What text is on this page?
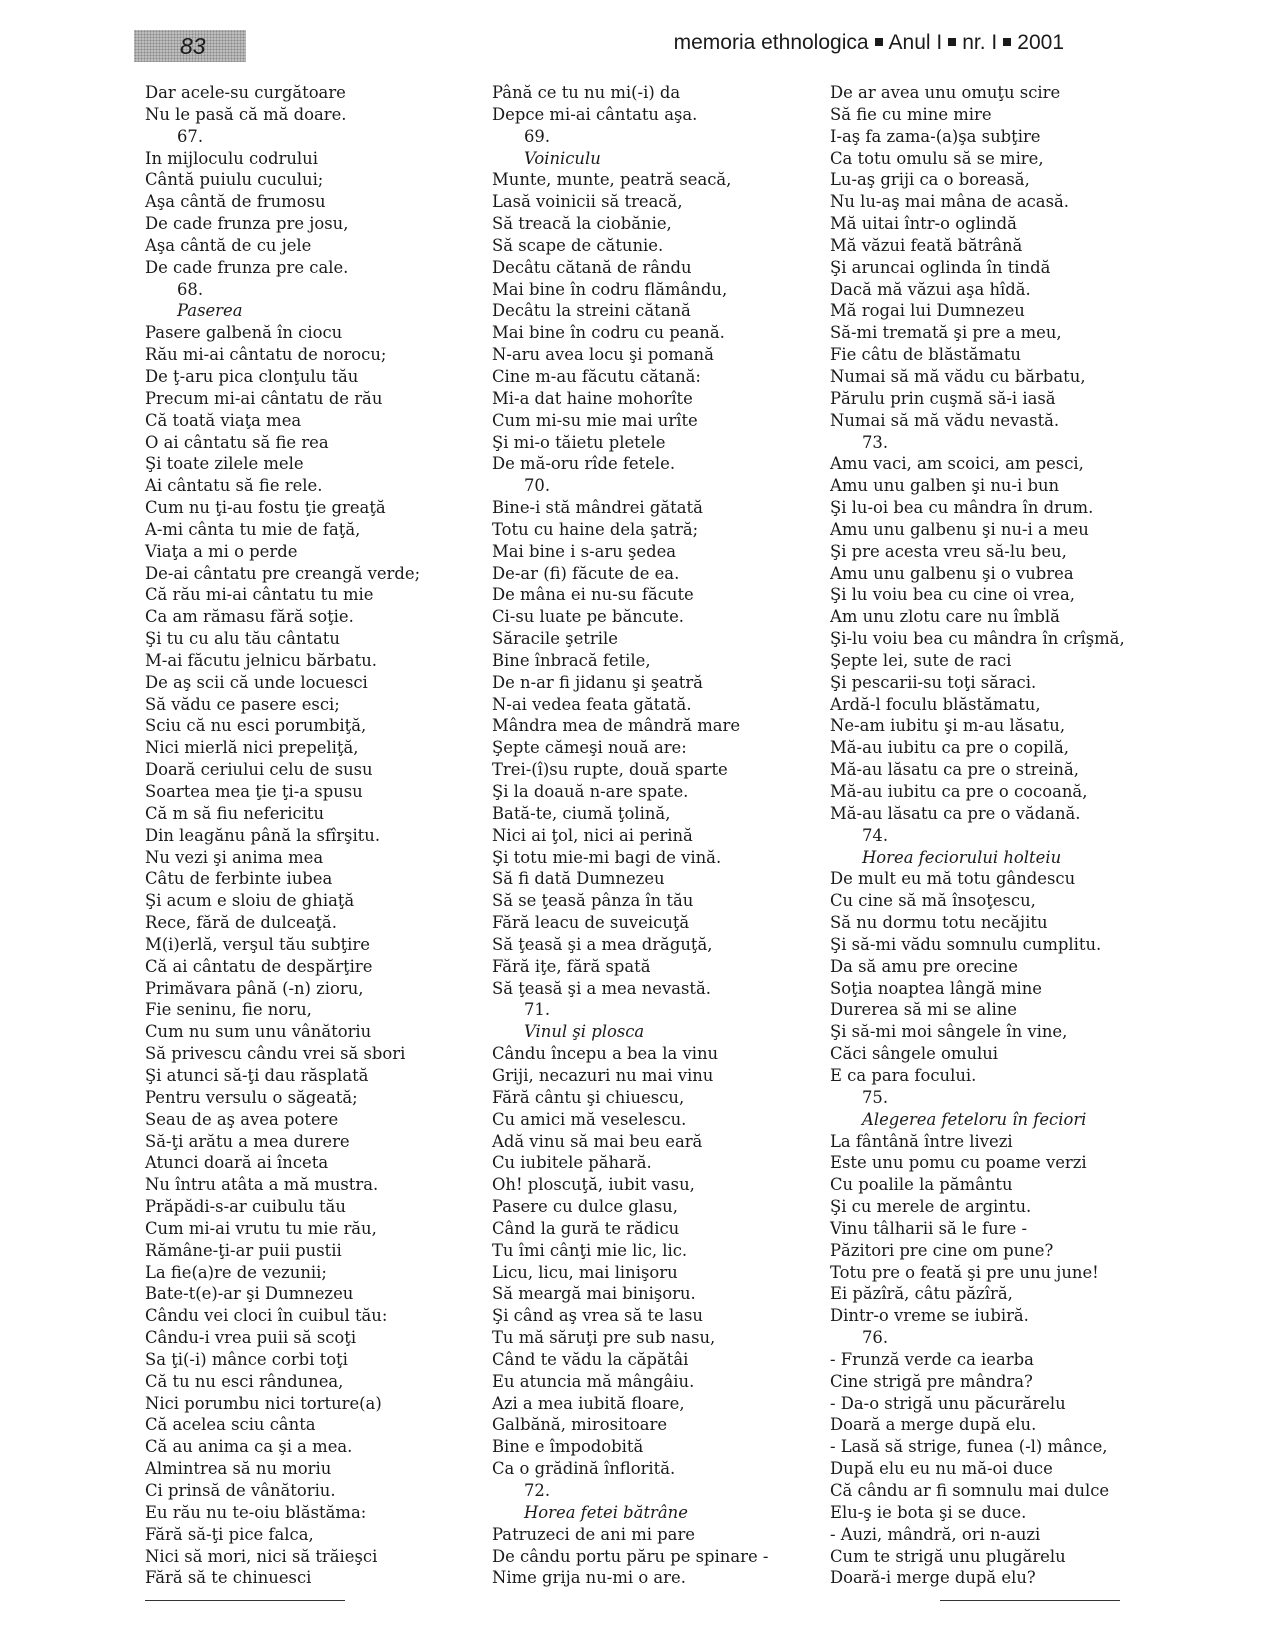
83	memoria ethnologica Anul I nr. I 2001
Dar acele-su curgătoare
Nu le pasă că mă doare.
67.
In mijloculu codrului
Cântă puiulu cucului;
Aşa cântă de frumosu
De cade frunza pre josu,
Aşa cântă de cu jele
De cade frunza pre cale.
68.
Paserea
Pasere galbenă în ciocu
Rău mi-ai cântatu de norocu;
De ţ-aru pica clonţulu tău
Precum mi-ai cântatu de rău
Că toată viaţa mea
O ai cântatu să fie rea
Şi toate zilele mele
Ai cântatu să fie rele.
Cum nu ţi-au fostu ţie greaţă
A-mi cânta tu mie de faţă,
Viaţa a mi o perde
De-ai cântatu pre creangă verde;
Că rău mi-ai cântatu tu mie
Ca am rămasu fără soţie.
Şi tu cu alu tău cântatu
M-ai făcutu jelnicu bărbatu.
De aş scii că unde locuesci
Să vădu ce pasere esci;
Sciu că nu esci porumbiţă,
Nici mierlă nici prepeliţă,
Doară ceriului celu de susu
Soartea mea ţie ţi-a spusu
Că m să fiu nefericitu
Din leagănu până la sfîrşitu.
Nu vezi şi anima mea
Câtu de ferbinte iubea
Şi acum e sloiu de ghiaţă
Rece, fără de dulceaţă.
M(i)erlă, verşul tău subţire
Că ai cântatu de despărţire
Primăvara până (-n) zioru,
Fie seninu, fie noru,
Cum nu sum unu vânătoriu
Să privescu cându vrei să sbori
Şi atunci să-ţi dau răsplată
Pentru versulu o săgeată;
Seau de aş avea potere
Să-ţi arătu a mea durere
Atunci doară ai înceta
Nu întru atâta a mă mustra.
Prăpădi-s-ar cuibulu tău
Cum mi-ai vrutu tu mie rău,
Rămâne-ţi-ar puii pustii
La fie(a)re de vezunii;
Bate-t(e)-ar şi Dumnezeu
Cându vei cloci în cuibul tău:
Cându-i vrea puii să scoţi
Sa ţi(-i) mânce corbi toţi
Că tu nu esci rândunea,
Nici porumbu nici torture(a)
Că acelea sciu cânta
Că au anima ca şi a mea.
Almintrea să nu moriu
Ci prinsă de vânătoriu.
Eu rău nu te-oiu blăstăma:
Fără să-ţi pice falca,
Nici să mori, nici să trăieşci
Fără să te chinuesci
Până ce tu nu mi(-i) da
Depce mi-ai cântatu aşa.
69.
Voiniculu
Munte, munte, peatră seacă,
Lasă voinicii să treacă,
Să treacă la ciobănie,
Să scape de cătunie.
Decâtu cătană de rându
Mai bine în codru flămându,
Decâtu la streini cătană
Mai bine în codru cu peană.
N-aru avea locu şi pomană
Cine m-au făcutu cătană:
Mi-a dat haine mohorîte
Cum mi-su mie mai urîte
Şi mi-o tăietu pletele
De mă-oru rîde fetele.
70.
Bine-i stă mândrei gătată
Totu cu haine dela şatră;
Mai bine i s-aru şedea
De-ar (fi) făcute de ea.
De mâna ei nu-su făcute
Ci-su luate pe băncute.
Săracile şetrile
Bine înbracă fetile,
De n-ar fi jidanu şi şeatră
N-ai vedea feata gătată.
Mândra mea de mândră mare
Şepte cămeşi nouă are:
Trei-(î)su rupte, două sparte
Şi la doauă n-are spate.
Bată-te, ciumă ţolină,
Nici ai ţol, nici ai perină
Şi totu mie-mi bagi de vină.
Să fi dată Dumnezeu
Să se ţeasă pânza în tău
Fără leacu de suveicuţă
Să ţeasă şi a mea drăguţă,
Fără iţe, fără spată
Să ţeasă şi a mea nevastă.
71.
Vinul şi plosca
Cându începu a bea la vinu
Griji, necazuri nu mai vinu
Fără cântu şi chiuescu,
Cu amici mă veselescu.
Adă vinu să mai beu eară
Cu iubitele păhară.
Oh! ploscuţă, iubit vasu,
Pasere cu dulce glasu,
Când la gură te rădicu
Tu îmi cânţi mie lic, lic.
Licu, licu, mai linişoru
Să meargă mai binişoru.
Şi când aş vrea să te lasu
Tu mă săruţi pre sub nasu,
Când te vădu la căpătâi
Eu atuncia mă mângâiu.
Azi a mea iubită floare,
Galbănă, mirositoare
Bine e împodobită
Ca o grădină înflorită.
72.
Horea fetei bătrâne
Patruzeci de ani mi pare
De cându portu păru pe spinare -
Nime grija nu-mi o are.
De ar avea unu omuţu scire
Să fie cu mine mire
I-aş fa zama-(a)şa subţire
Ca totu omulu să se mire,
Lu-aş griji ca o boreasă,
Nu lu-aş mai mâna de acasă.
Mă uitai într-o oglindă
Mă văzui feată bătrână
Şi aruncai oglinda în tindă
Dacă mă văzui aşa hîdă.
Mă rogai lui Dumnezeu
Să-mi tremată şi pre a meu,
Fie câtu de blăstămatu
Numai să mă vădu cu bărbatu,
Părulu prin cuşmă să-i iasă
Numai să mă vădu nevastă.
73.
Amu vaci, am scoici, am pesci,
Amu unu galben şi nu-i bun
Şi lu-oi bea cu mândra în drum.
Amu unu galbenu şi nu-i a meu
Şi pre acesta vreu să-lu beu,
Amu unu galbenu şi o vubrea
Şi lu voiu bea cu cine oi vrea,
Am unu zlotu care nu îmblă
Şi-lu voiu bea cu mândra în crîşmă,
Şepte lei, sute de raci
Şi pescarii-su toţi săraci.
Ardă-l foculu blăstămatu,
Ne-am iubitu şi m-au lăsatu,
Mă-au iubitu ca pre o copilă,
Mă-au lăsatu ca pre o streină,
Mă-au iubitu ca pre o cocoană,
Mă-au lăsatu ca pre o vădană.
74.
Horea feciorului holteiu
De mult eu mă totu gândescu
Cu cine să mă însoţescu,
Să nu dormu totu necăjitu
Şi să-mi vădu somnulu cumplitu.
Da să amu pre orecine
Soţia noaptea lângă mine
Durerea să mi se aline
Şi să-mi moi sângele în vine,
Căci sângele omului
E ca para focului.
75.
Alegerea feteloru în feciori
La fântână între livezi
Este unu pomu cu poame verzi
Cu poalile la pământu
Şi cu merele de argintu.
Vinu tâlharii să le fure -
Păzitori pre cine om pune?
Totu pre o feată şi pre unu june!
Ei păzîră, câtu păzîră,
Dintr-o vreme se iubiră.
76.
- Frunză verde ca iearba
Cine strigă pre mândra?
- Da-o strigă unu păcurărelu
Doară a merge după elu.
- Lasă să strige, funea (-l) mânce,
După elu eu nu mă-oi duce
Că cându ar fi somnulu mai dulce
Elu-ş ie bota şi se duce.
- Auzi, mândră, ori n-auzi
Cum te strigă unu plugărelu
Doară-i merge după elu?
